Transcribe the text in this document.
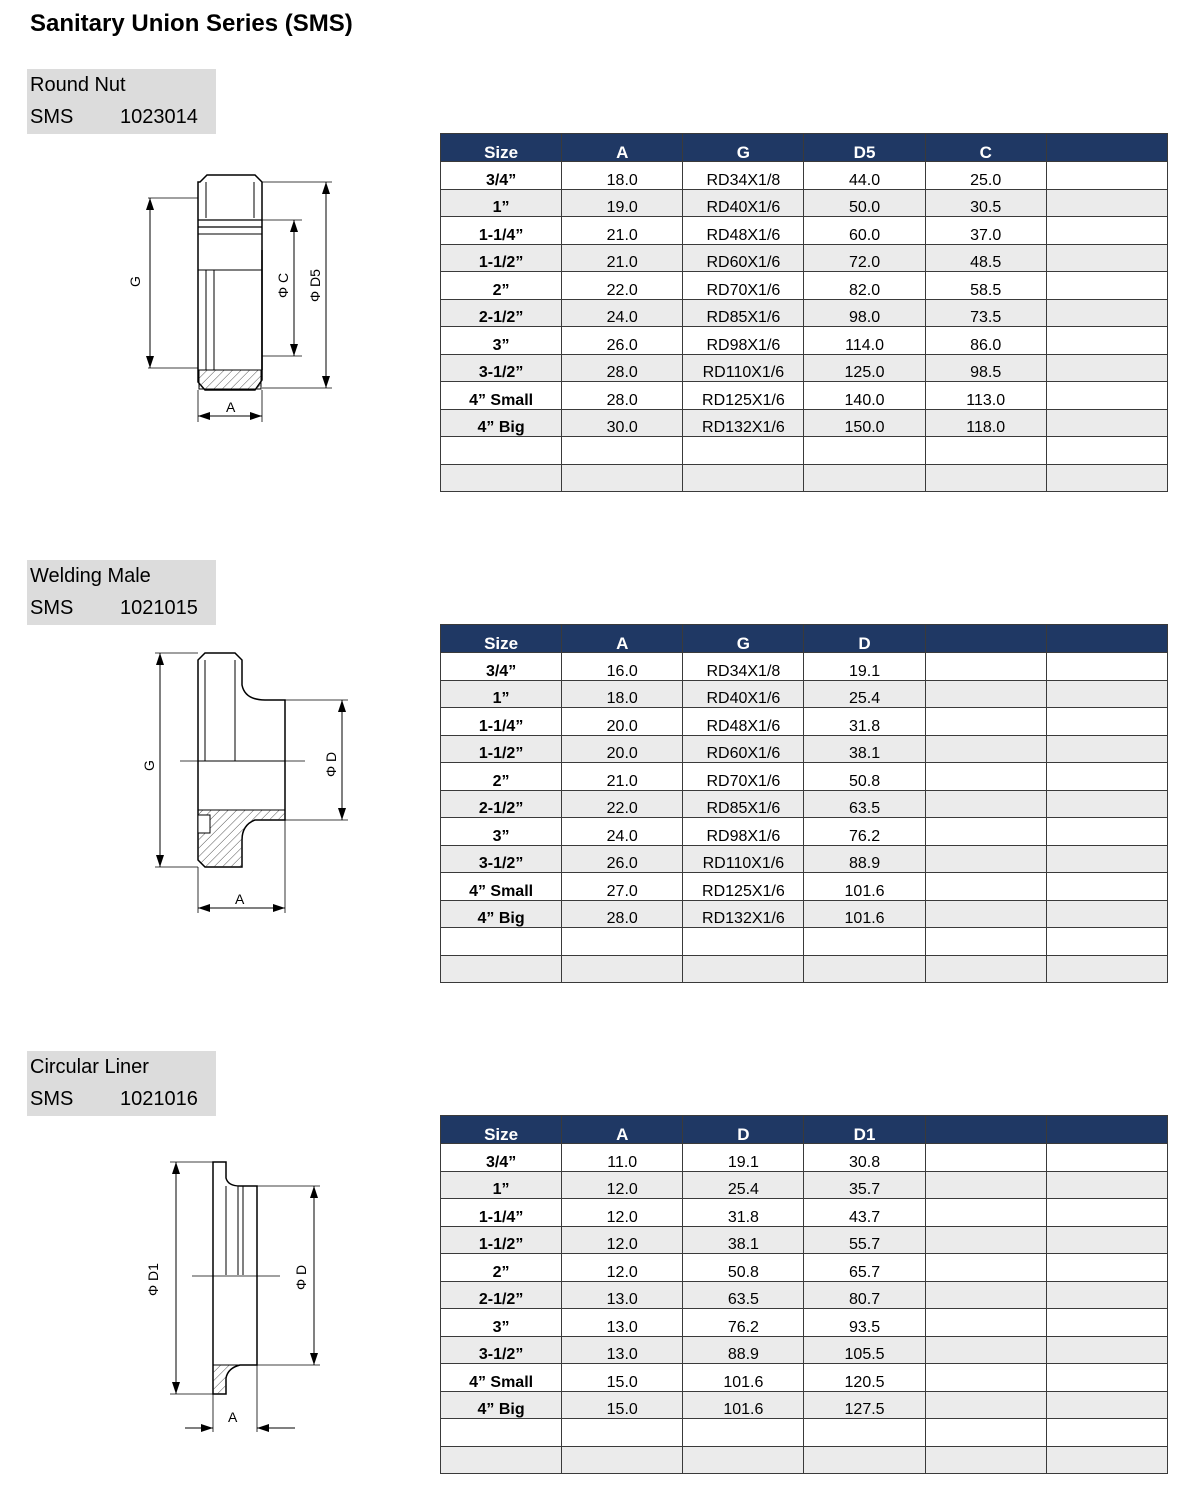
Sanitary Union Series (SMS)
Round Nut
SMS 1023014
G	Φ C Φ D5
A
Size	A	G	D5	C	
3/4”	18.0	RD34X1/8	44.0	25.0	
1”	19.0	RD40X1/6	50.0	30.5	
1-1/4”	21.0	RD48X1/6	60.0	37.0	
1-1/2”	21.0	RD60X1/6	72.0	48.5	
2”	22.0	RD70X1/6	82.0	58.5	
2-1/2”	24.0	RD85X1/6	98.0	73.5	
3”	26.0	RD98X1/6	114.0	86.0	
3-1/2”	28.0	RD110X1/6	125.0	98.5	
4” Small	28.0	RD125X1/6	140.0	113.0	
4” Big	30.0	RD132X1/6	150.0	118.0	

Welding Male
SMS 1021015
G	Φ D
A
Size	A	G	D		
3/4”	16.0	RD34X1/8	19.1		
1”	18.0	RD40X1/6	25.4		
1-1/4”	20.0	RD48X1/6	31.8		
1-1/2”	20.0	RD60X1/6	38.1		
2”	21.0	RD70X1/6	50.8		
2-1/2”	22.0	RD85X1/6	63.5		
3”	24.0	RD98X1/6	76.2		
3-1/2”	26.0	RD110X1/6	88.9		
4” Small	27.0	RD125X1/6	101.6		
4” Big	28.0	RD132X1/6	101.6		

Circular Liner
SMS 1021016
Φ D1	Φ D
A
Size	A	D	D1		
3/4”	11.0	19.1	30.8		
1”	12.0	25.4	35.7		
1-1/4”	12.0	31.8	43.7		
1-1/2”	12.0	38.1	55.7		
2”	12.0	50.8	65.7		
2-1/2”	13.0	63.5	80.7		
3”	13.0	76.2	93.5		
3-1/2”	13.0	88.9	105.5		
4” Small	15.0	101.6	120.5		
4” Big	15.0	101.6	127.5		
